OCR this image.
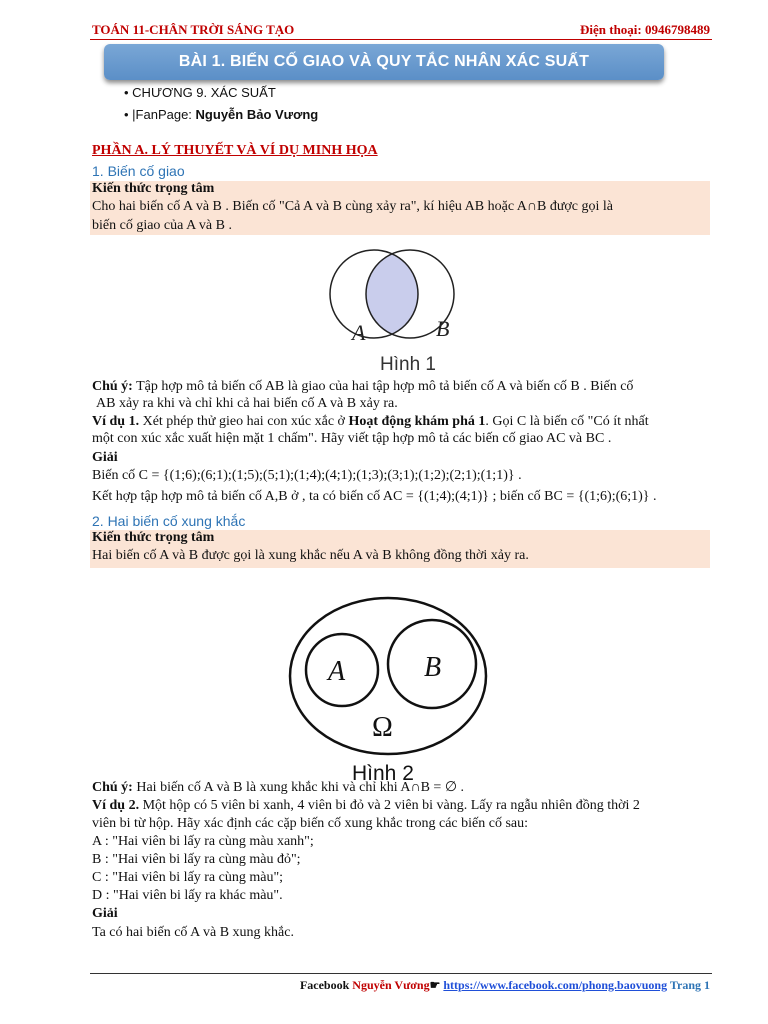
TOÁN 11-CHÂN TRỜI SÁNG TẠO	Điện thoại: 0946798489
BÀI 1. BIẾN CỐ GIAO VÀ QUY TẮC NHÂN XÁC SUẤT
• CHƯƠNG 9. XÁC SUẤT
• |FanPage: Nguyễn Bảo Vương
PHẦN A. LÝ THUYẾT VÀ VÍ DỤ MINH HỌA
1. Biến cố giao
Kiến thức trọng tâm
Cho hai biến cố A và B . Biến cố "Cả A và B cùng xảy ra", kí hiệu AB hoặc A∩B được gọi là
biến cố giao của A và B .
A	B
Hình 1
Chú ý: Tập hợp mô tả biến cố AB là giao của hai tập hợp mô tả biến cố A và biến cố B . Biến cố
AB xảy ra khi và chỉ khi cả hai biến cố A và B xảy ra.
Ví dụ 1. Xét phép thử gieo hai con xúc xắc ở Hoạt động khám phá 1. Gọi C là biến cố "Có ít nhất
một con xúc xắc xuất hiện mặt 1 chấm". Hãy viết tập hợp mô tả các biến cố giao AC và BC .
Giải
Biến cố C = {(1;6);(6;1);(1;5);(5;1);(1;4);(4;1);(1;3);(3;1);(1;2);(2;1);(1;1)} .
Kết hợp tập hợp mô tả biến cố A,B ở , ta có biến cố AC = {(1;4);(4;1)} ; biến cố BC = {(1;6);(6;1)} .
2. Hai biến cố xung khắc
Kiến thức trọng tâm
Hai biến cố A và B được gọi là xung khắc nếu A và B không đồng thời xảy ra.
A	B
Ω
Hình 2
Chú ý: Hai biến cố A và B là xung khắc khi và chỉ khi A∩B = ∅ .
Ví dụ 2. Một hộp có 5 viên bi xanh, 4 viên bi đỏ và 2 viên bi vàng. Lấy ra ngẫu nhiên đồng thời 2
viên bi từ hộp. Hãy xác định các cặp biến cố xung khắc trong các biến cố sau:
A : "Hai viên bi lấy ra cùng màu xanh";
B : "Hai viên bi lấy ra cùng màu đỏ";
C : "Hai viên bi lấy ra cùng màu";
D : "Hai viên bi lấy ra khác màu".
Giải
Ta có hai biến cố A và B xung khắc.
Facebook Nguyễn Vương☛ https://www.facebook.com/phong.baovuong Trang 1
